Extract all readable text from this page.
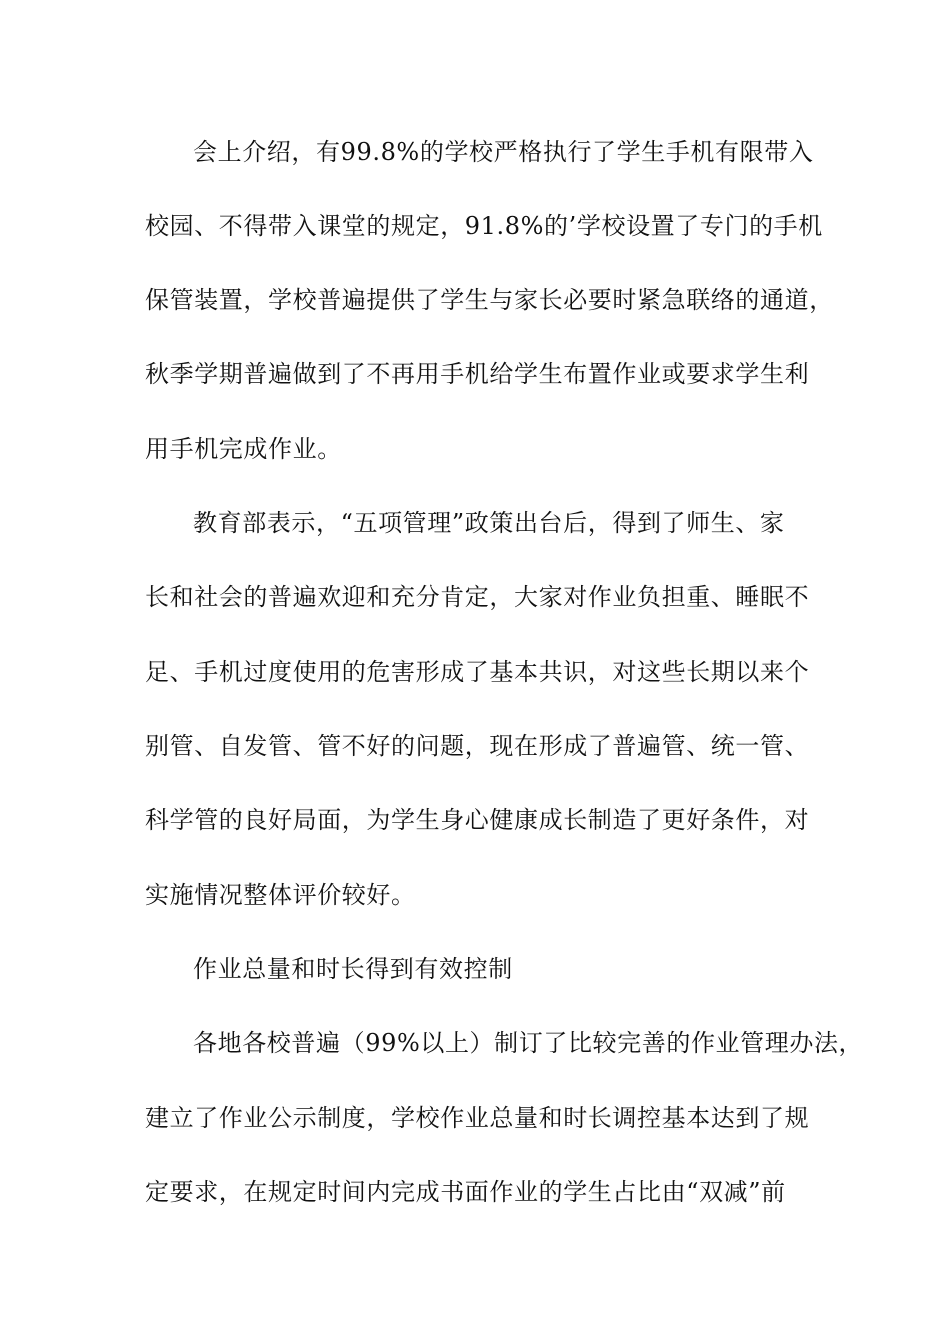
会上介绍，有99.8%的学校严格执行了学生手机有限带入
校园、不得带入课堂的规定，91.8%的’学校设置了专门的手机
保管装置，学校普遍提供了学生与家长必要时紧急联络的通道，
秋季学期普遍做到了不再用手机给学生布置作业或要求学生利
用手机完成作业。
教育部表示，“五项管理”政策出台后，得到了师生、家
长和社会的普遍欢迎和充分肯定，大家对作业负担重、睡眠不
足、手机过度使用的危害形成了基本共识，对这些长期以来个
别管、自发管、管不好的问题，现在形成了普遍管、统一管、
科学管的良好局面，为学生身心健康成长制造了更好条件，对
实施情况整体评价较好。
作业总量和时长得到有效控制
各地各校普遍（99%以上）制订了比较完善的作业管理办法，
建立了作业公示制度，学校作业总量和时长调控基本达到了规
定要求，在规定时间内完成书面作业的学生占比由“双减”前
